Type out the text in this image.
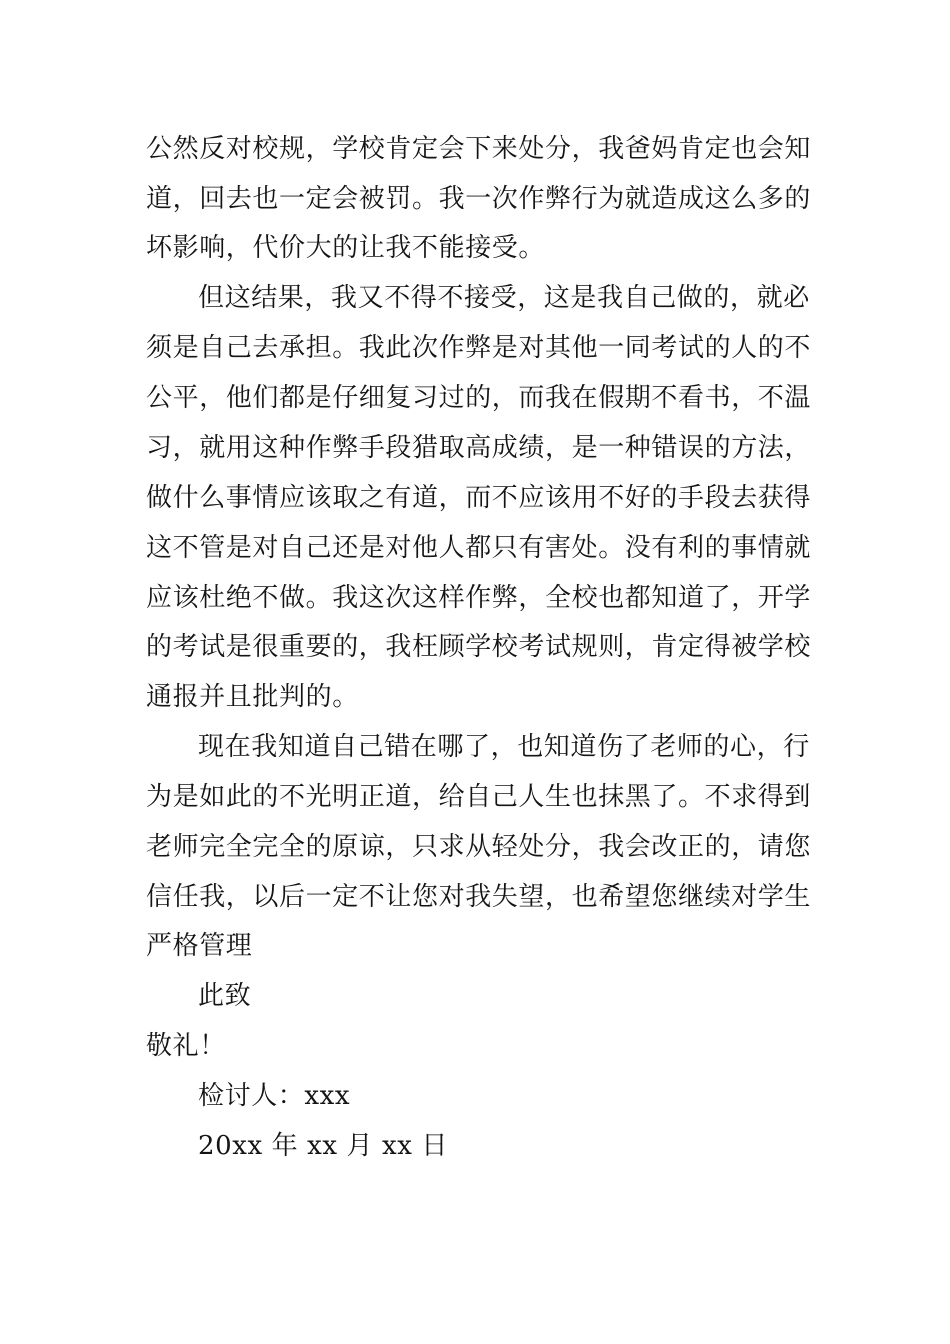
公然反对校规，学校肯定会下来处分，我爸妈肯定也会知

道，回去也一定会被罚。我一次作弊行为就造成这么多的

坏影响，代价大的让我不能接受。

但这结果，我又不得不接受，这是我自己做的，就必

须是自己去承担。我此次作弊是对其他一同考试的人的不

公平，他们都是仔细复习过的，而我在假期不看书，不温

习，就用这种作弊手段猎取高成绩，是一种错误的方法，

做什么事情应该取之有道，而不应该用不好的手段去获得

这不管是对自己还是对他人都只有害处。没有利的事情就

应该杜绝不做。我这次这样作弊，全校也都知道了，开学

的考试是很重要的，我枉顾学校考试规则，肯定得被学校

通报并且批判的。

现在我知道自己错在哪了，也知道伤了老师的心，行

为是如此的不光明正道，给自己人生也抹黑了。不求得到

老师完全完全的原谅，只求从轻处分，我会改正的，请您

信任我，以后一定不让您对我失望，也希望您继续对学生

严格管理

此致

敬礼！

检讨人：xxx

20xx 年 xx 月 xx 日
